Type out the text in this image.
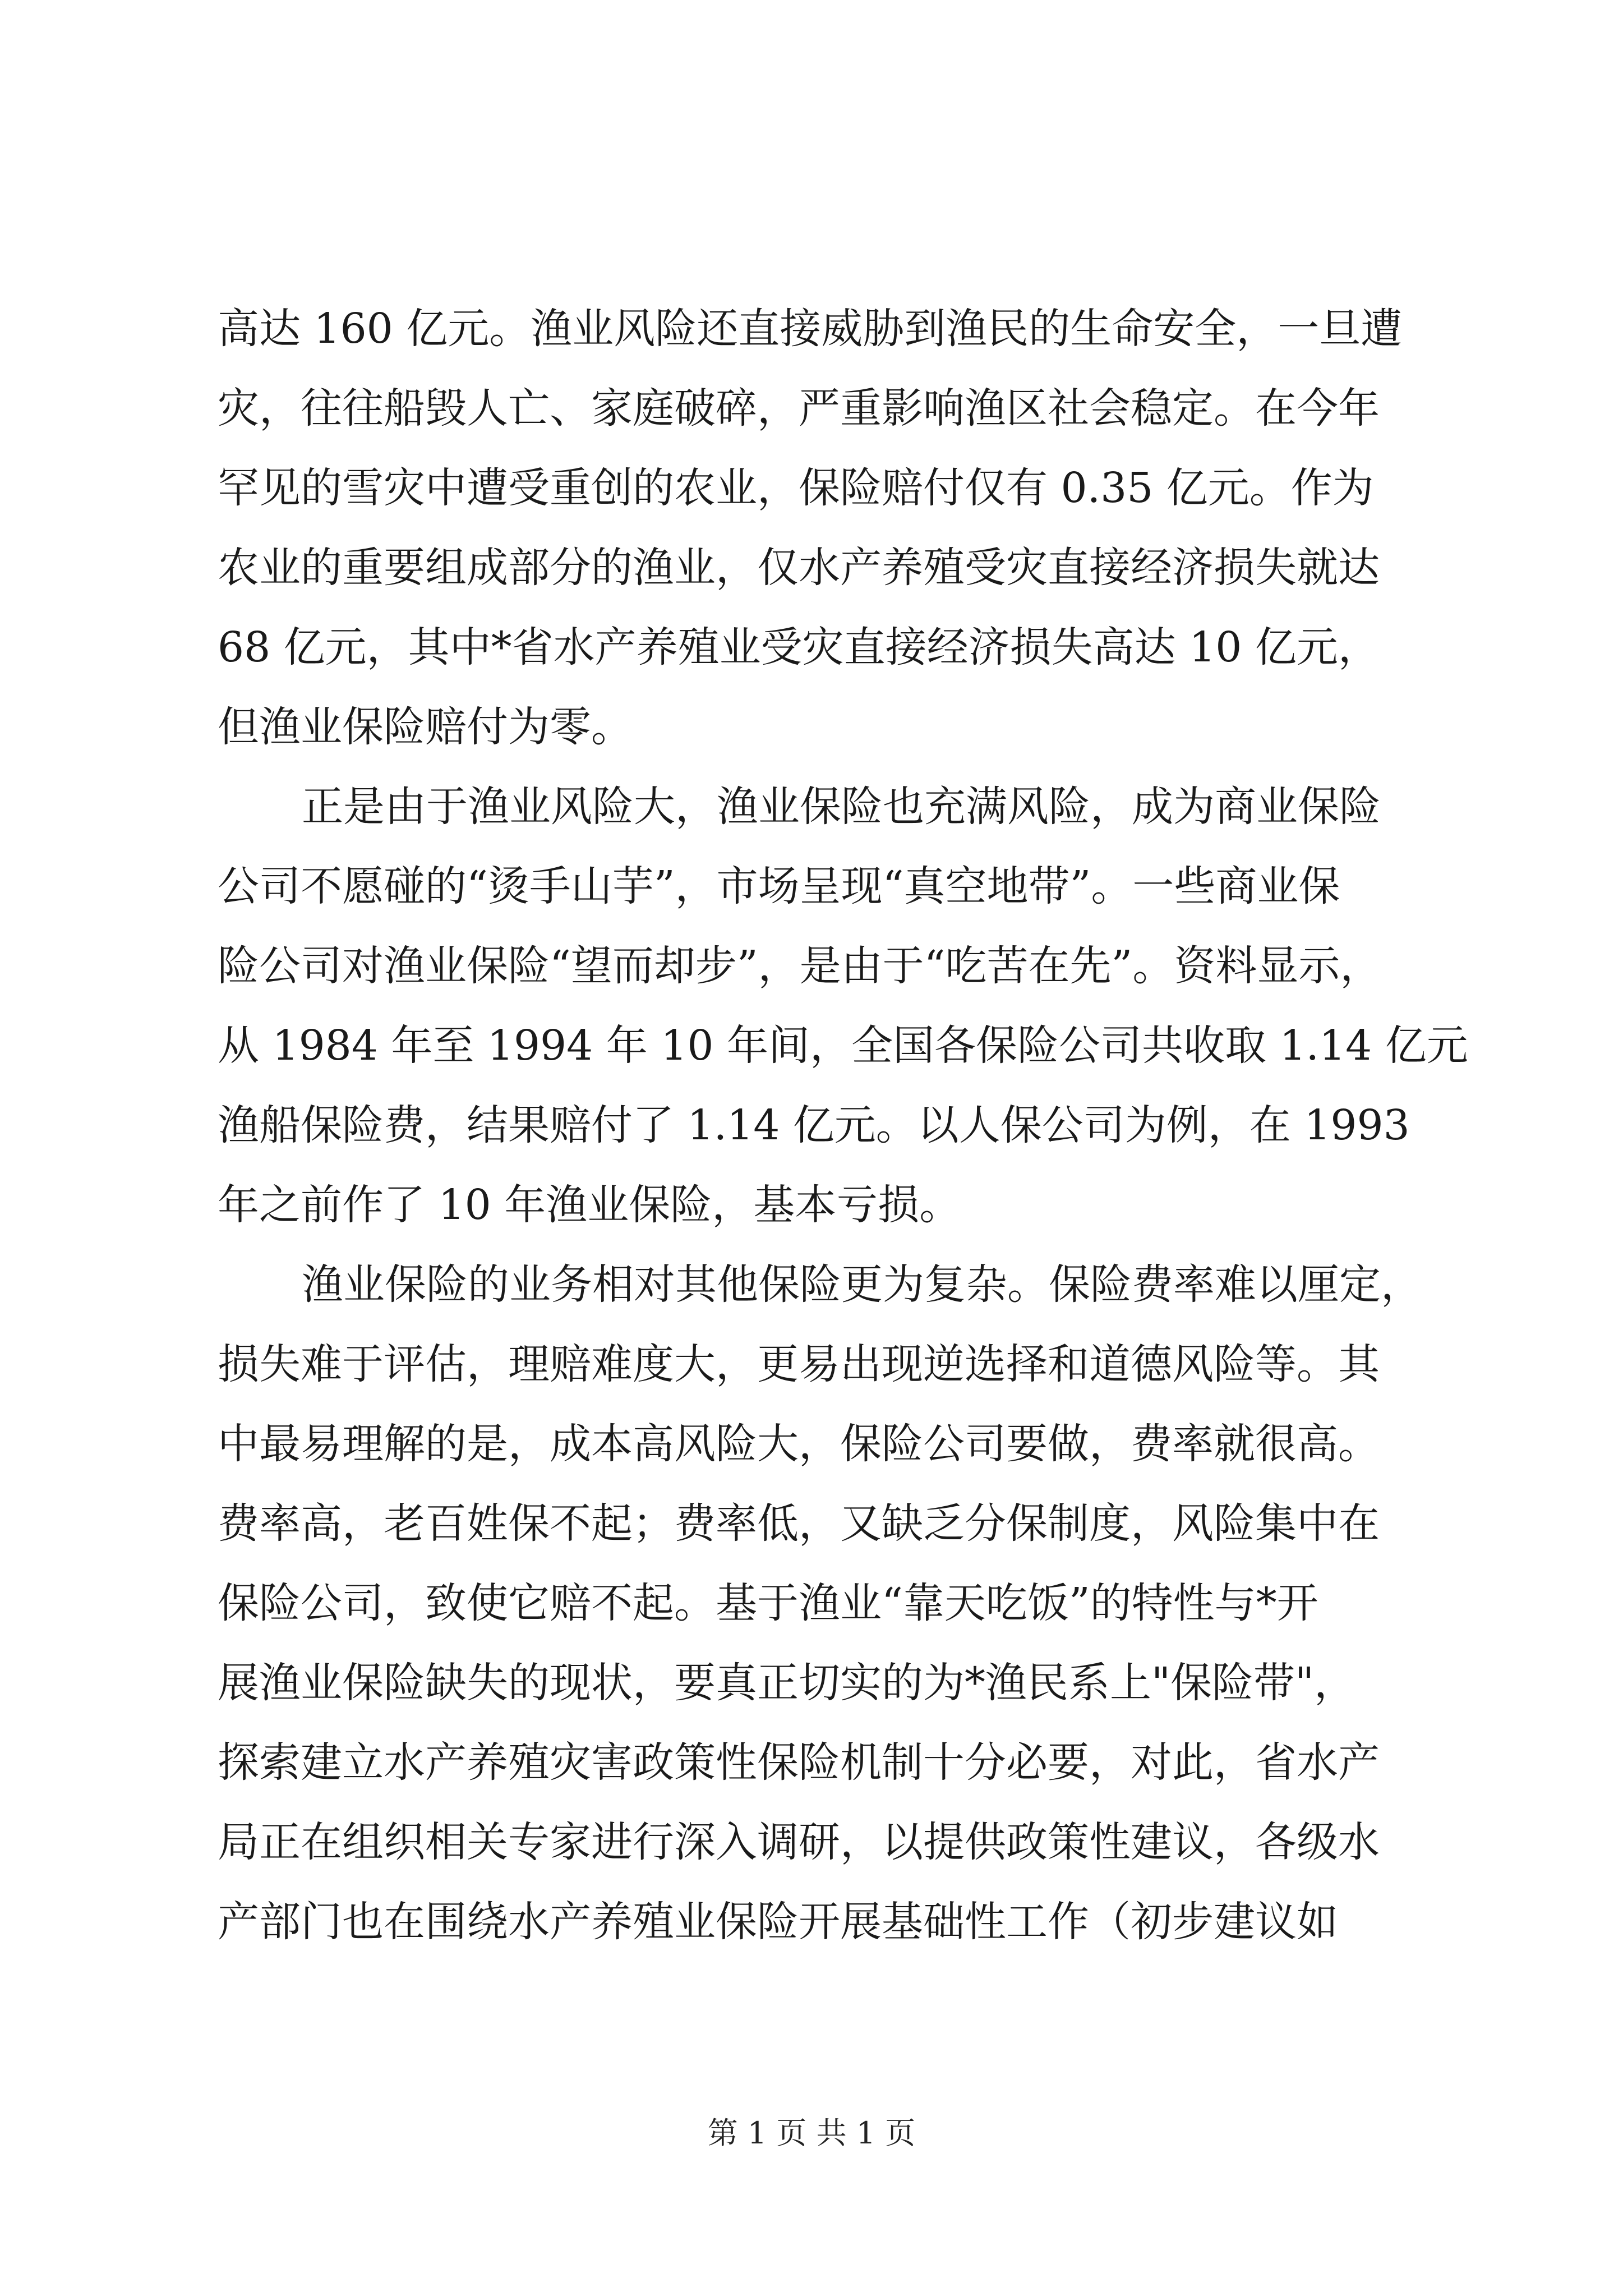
高达 160 亿元。渔业风险还直接威胁到渔民的生命安全，一旦遭
灾，往往船毁人亡、家庭破碎，严重影响渔区社会稳定。在今年
罕见的雪灾中遭受重创的农业，保险赔付仅有 0.35 亿元。作为
农业的重要组成部分的渔业，仅水产养殖受灾直接经济损失就达
68 亿元，其中*省水产养殖业受灾直接经济损失高达 10 亿元，
但渔业保险赔付为零。
正是由于渔业风险大，渔业保险也充满风险，成为商业保险
公司不愿碰的“烫手山芋”，市场呈现“真空地带”。一些商业保
险公司对渔业保险“望而却步”，是由于“吃苦在先”。资料显示，
从 1984 年至 1994 年 10 年间，全国各保险公司共收取 1.14 亿元
渔船保险费，结果赔付了 1.14 亿元。以人保公司为例，在 1993
年之前作了 10 年渔业保险，基本亏损。
渔业保险的业务相对其他保险更为复杂。保险费率难以厘定，
损失难于评估，理赔难度大，更易出现逆选择和道德风险等。其
中最易理解的是，成本高风险大，保险公司要做，费率就很高。
费率高，老百姓保不起；费率低，又缺乏分保制度，风险集中在
保险公司，致使它赔不起。基于渔业“靠天吃饭”的特性与*开
展渔业保险缺失的现状，要真正切实的为*渔民系上"保险带"，
探索建立水产养殖灾害政策性保险机制十分必要，对此，省水产
局正在组织相关专家进行深入调研，以提供政策性建议，各级水
产部门也在围绕水产养殖业保险开展基础性工作（初步建议如
第 1 页 共 1 页
